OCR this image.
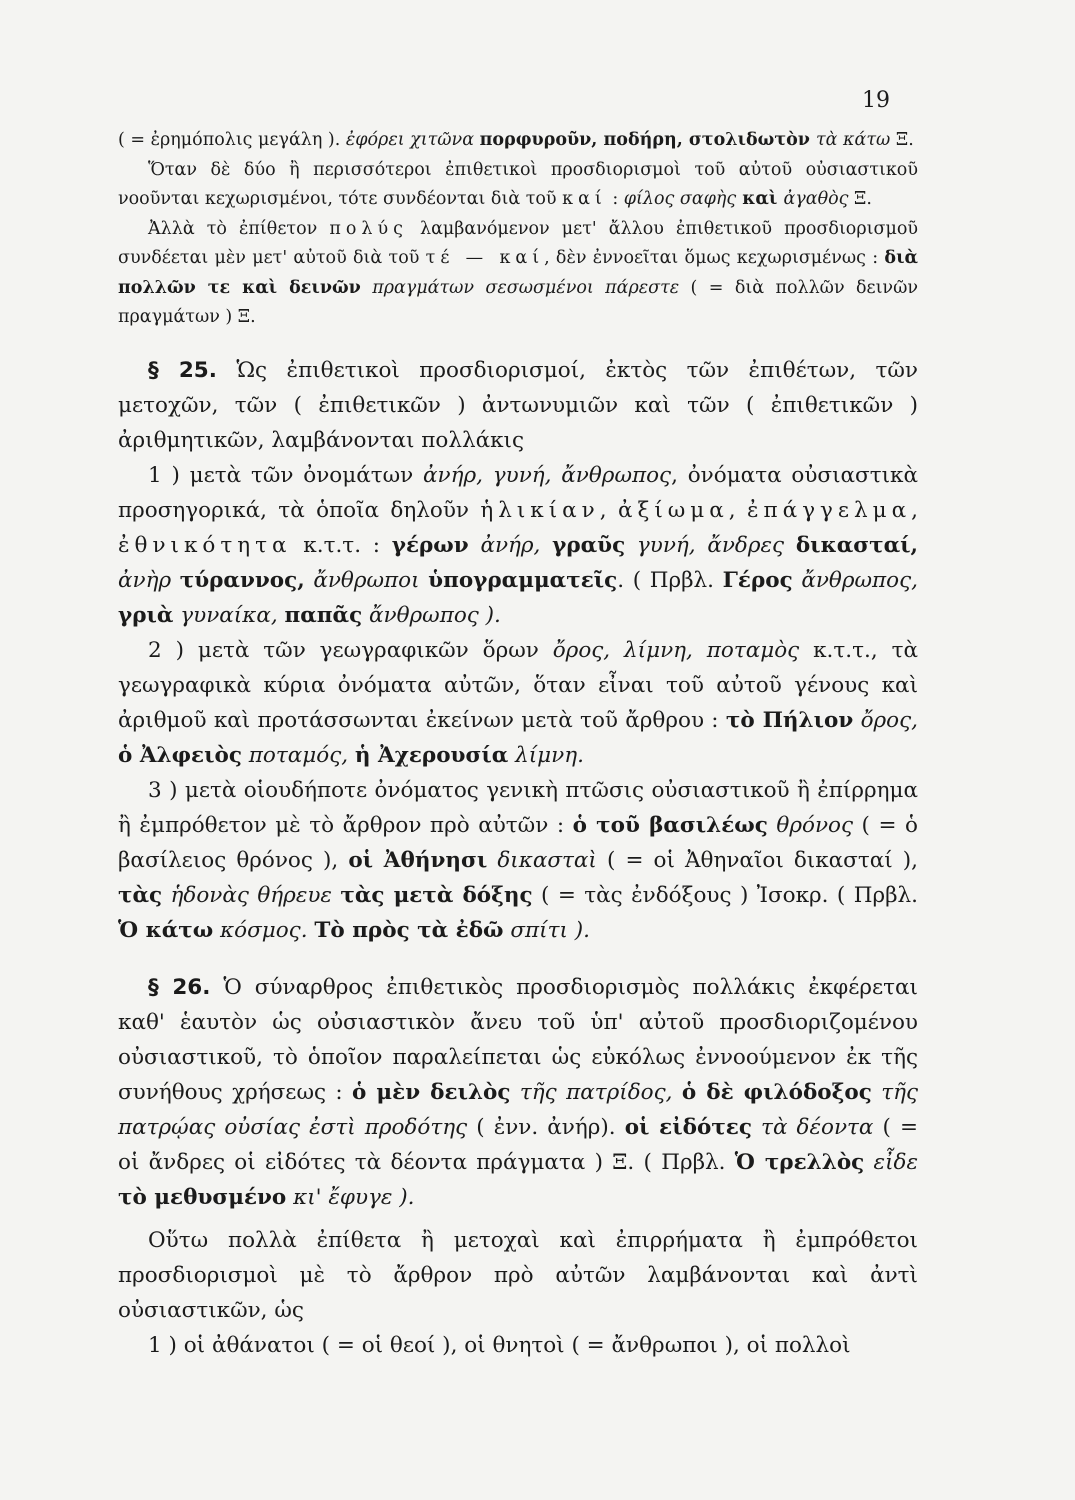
19

( = ἐρημόπολις μεγάλη ). ἐφόρει χιτῶνα πορφυροῦν, ποδήρη, στολιδωτὸν τὰ κάτω Ξ.

Ὅταν δὲ δύο ἢ περισσότεροι ἐπιθετικοὶ προσδιορισμοὶ τοῦ αὐτοῦ οὐσιαστικοῦ νοοῦνται κεχωρισμένοι, τότε συνδέονται διὰ τοῦ καί : φίλος σαφὴς καὶ ἀγαθὸς Ξ.

Ἀλλὰ τὸ ἐπίθετον πολύς λαμβανόμενον μετ' ἄλλου ἐπιθετικοῦ προσδιορισμοῦ συνδέεται μὲν μετ' αὐτοῦ διὰ τοῦ τέ — καί, δὲν ἐννοεῖται ὅμως κεχωρισμένως : διὰ πολλῶν τε καὶ δεινῶν πραγμάτων σεσωσμένοι πάρεστε ( = διὰ πολλῶν δεινῶν πραγμάτων ) Ξ.

§ 25. Ὡς ἐπιθετικοὶ προσδιορισμοί, ἐκτὸς τῶν ἐπιθέτων, τῶν μετοχῶν, τῶν ( ἐπιθετικῶν ) ἀντωνυμιῶν καὶ τῶν ( ἐπιθετικῶν ) ἀριθμητικῶν, λαμβάνονται πολλάκις

1 ) μετὰ τῶν ὀνομάτων ἀνήρ, γυνή, ἄνθρωπος, ὀνόματα οὐσιαστικὰ προσηγορικά, τὰ ὁποῖα δηλοῦν ἡλικίαν, ἀξίωμα, ἐπάγγελμα, ἐθνικότητα κ.τ.τ. : γέρων ἀνήρ, γραῦς γυνή, ἄνδρες δικασταί, ἀνὴρ τύραννος, ἄνθρωποι ὑπογραμματεῖς. ( Πρβλ. Γέρος ἄνθρωπος, γριὰ γυναίκα, παπᾶς ἄνθρωπος ).

2 ) μετὰ τῶν γεωγραφικῶν ὅρων ὄρος, λίμνη, ποταμὸς κ.τ.τ., τὰ γεωγραφικὰ κύρια ὀνόματα αὐτῶν, ὅταν εἶναι τοῦ αὐτοῦ γένους καὶ ἀριθμοῦ καὶ προτάσσωνται ἐκείνων μετὰ τοῦ ἄρθρου : τὸ Πήλιον ὄρος, ὁ Ἀλφειὸς ποταμός, ἡ Ἀχερουσία λίμνη.

3 ) μετὰ οἱουδήποτε ὀνόματος γενικὴ πτῶσις οὐσιαστικοῦ ἢ ἐπίρρημα ἢ ἐμπρόθετον μὲ τὸ ἄρθρον πρὸ αὐτῶν : ὁ τοῦ βασιλέως θρόνος ( = ὁ βασίλειος θρόνος ), οἱ Ἀθήνησι δικασταὶ ( = οἱ Ἀθηναῖοι δικασταί ), τὰς ἡδονὰς θήρευε τὰς μετὰ δόξης ( = τὰς ἐνδόξους ) Ἰσοκρ. ( Πρβλ. Ὁ κάτω κόσμος. Τὸ πρὸς τὰ ἐδῶ σπίτι ).

§ 26. Ὁ σύναρθρος ἐπιθετικὸς προσδιορισμὸς πολλάκις ἐκφέρεται καθ' ἑαυτὸν ὡς οὐσιαστικὸν ἄνευ τοῦ ὑπ' αὐτοῦ προσδιοριζομένου οὐσιαστικοῦ, τὸ ὁποῖον παραλείπεται ὡς εὐκόλως ἐννοούμενον ἐκ τῆς συνήθους χρήσεως : ὁ μὲν δειλὸς τῆς πατρίδος, ὁ δὲ φιλόδοξος τῆς πατρῴας οὐσίας ἐστὶ προδότης ( ἐνν. ἀνήρ). οἱ εἰδότες τὰ δέοντα ( = οἱ ἄνδρες οἱ εἰδότες τὰ δέοντα πράγματα ) Ξ. ( Πρβλ. Ὁ τρελλὸς εἶδε τὸ μεθυσμένο κι' ἔφυγε ).

Οὕτω πολλὰ ἐπίθετα ἢ μετοχαὶ καὶ ἐπιρρήματα ἢ ἐμπρόθετοι προσδιορισμοὶ μὲ τὸ ἄρθρον πρὸ αὐτῶν λαμβάνονται καὶ ἀντὶ οὐσιαστικῶν, ὡς

1 ) οἱ ἀθάνατοι ( = οἱ θεοί ), οἱ θνητοὶ ( = ἄνθρωποι ), οἱ πολλοὶ
